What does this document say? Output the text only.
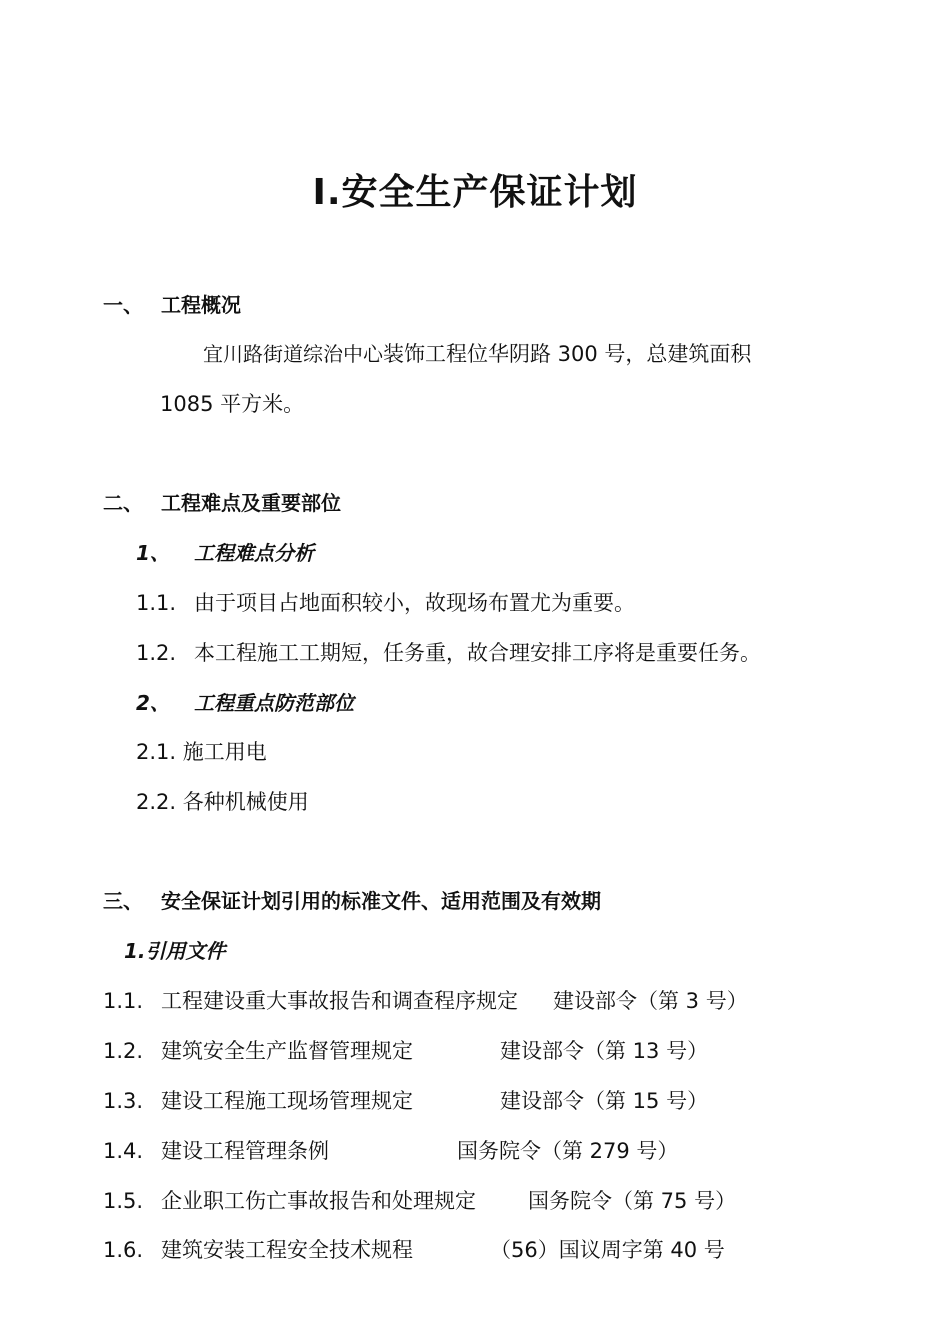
I.安全生产保证计划
一、 工程概况
宜川路街道综治中心装饰工程位华阴路 300 号，总建筑面积
1085 平方米。
二、 工程难点及重要部位
1、 工程难点分析
1.1. 由于项目占地面积较小，故现场布置尤为重要。
1.2. 本工程施工工期短，任务重，故合理安排工序将是重要任务。
2、 工程重点防范部位
2.1. 施工用电
2.2. 各种机械使用
三、 安全保证计划引用的标准文件、适用范围及有效期
1.引用文件
1.1. 工程建设重大事故报告和调查程序规定 建设部令（第 3 号）
1.2. 建筑安全生产监督管理规定	建设部令（第 13 号）
1.3. 建设工程施工现场管理规定	建设部令（第 15 号）
1.4. 建设工程管理条例	国务院令（第 279 号）
1.5. 企业职工伤亡事故报告和处理规定 国务院令（第 75 号）
1.6. 建筑安装工程安全技术规程	（56）国议周字第 40 号
